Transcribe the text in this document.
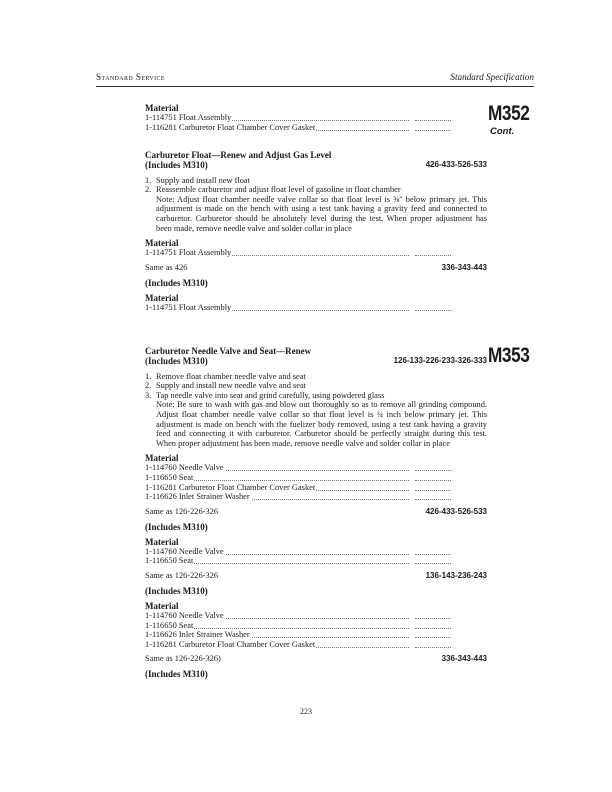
Standard Service	Standard Specification
M352
Cont.
M353
Material
1-114751 Float Assembly
1-116281 Carburetor Float Chamber Cover Gasket
Carburetor Float—Renew and Adjust Gas Level
(Includes M310)	426-433-526-533
1. Supply and install new float
2. Reassemble carburetor and adjust float level of gasoline in float chamber
Note: Adjust float chamber needle valve collar so that float level is ⅝″ below primary jet. This adjustment is made on the bench with using a test tank having a gravity feed and connected to carburetor. Carburetor should be absolutely level during the test. When proper adjustment has been made, remove needle valve and solder collar in place
Material
1-114751 Float Assembly
Same as 426	336-343-443
(Includes M310)
Material
1-114751 Float Assembly
Carburetor Needle Valve and Seat—Renew
(Includes M310)	126-133-226-233-326-333
1. Remove float chamber needle valve and seat
2. Supply and install new needle valve and seat
3. Tap needle valve into seat and grind carefully, using powdered glass
Note: Be sure to wash with gas and blow out thoroughly so as to remove all grinding compound. Adjust float chamber needle valve collar so that float level is ¾ inch below primary jet. This adjustment is made on bench with the fuelizer body removed, using a test tank having a gravity feed and connecting it with carburetor. Carburetor should be perfectly straight during this test. When proper adjustment has been made, remove needle valve and solder collar in place
Material
1-114760 Needle Valve
1-116650 Seat
1-116281 Carburetor Float Chamber Cover Gasket
1-116626 Inlet Strainer Washer
Same as 126-226-326	426-433-526-533
(Includes M310)
Material
1-114760 Needle Valve
1-116650 Seat
Same as 126-226-326	136-143-236-243
(Includes M310)
Material
1-114760 Needle Valve
1-116650 Seat
1-116626 Inlet Strainer Washer
1-116281 Carburetor Float Chamber Cover Gasket
Same as 126-226-326)	336-343-443
(Includes M310)
223
